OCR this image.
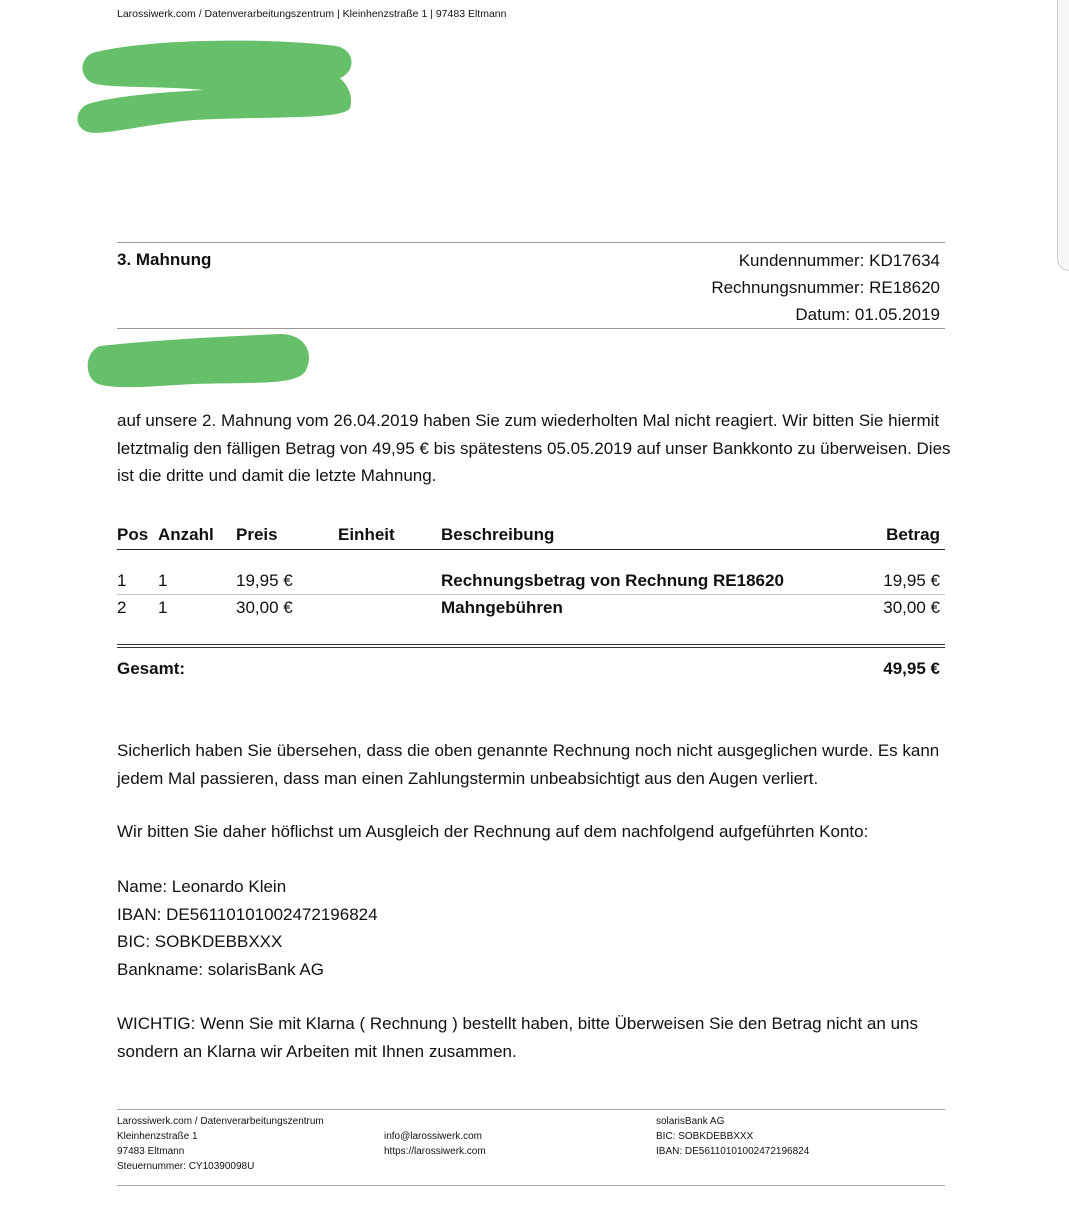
Larossiwerk.com / Datenverarbeitungszentrum | Kleinhenzstraße 1 | 97483 Eltmann
3. Mahnung	Kundennummer: KD17634
Rechnungsnummer: RE18620
Datum: 01.05.2019
auf unsere 2. Mahnung vom 26.04.2019 haben Sie zum wiederholten Mal nicht reagiert. Wir bitten Sie hiermit letztmalig den fälligen Betrag von 49,95 € bis spätestens 05.05.2019 auf unser Bankkonto zu überweisen. Dies ist die dritte und damit die letzte Mahnung.
Pos Anzahl Preis	Einheit	Beschreibung	Betrag
1 1	19,95 €	Rechnungsbetrag von Rechnung RE18620	19,95 €
2 1	30,00 €	Mahngebühren	30,00 €
Gesamt:	49,95 €
Sicherlich haben Sie übersehen, dass die oben genannte Rechnung noch nicht ausgeglichen wurde. Es kann jedem Mal passieren, dass man einen Zahlungstermin unbeabsichtigt aus den Augen verliert.
Wir bitten Sie daher höflichst um Ausgleich der Rechnung auf dem nachfolgend aufgeführten Konto:
Name: Leonardo Klein
IBAN: DE56110101002472196824
BIC: SOBKDEBBXXX
Bankname: solarisBank AG
WICHTIG: Wenn Sie mit Klarna ( Rechnung ) bestellt haben, bitte Überweisen Sie den Betrag nicht an uns sondern an Klarna wir Arbeiten mit Ihnen zusammen.
Larossiwerk.com / Datenverarbeitungszentrum
Kleinhenzstraße 1
97483 Eltmann
Steuernummer: CY10390098U
info@larossiwerk.com
https://larossiwerk.com
solarisBank AG
BIC: SOBKDEBBXXX
IBAN: DE56110101002472196824
